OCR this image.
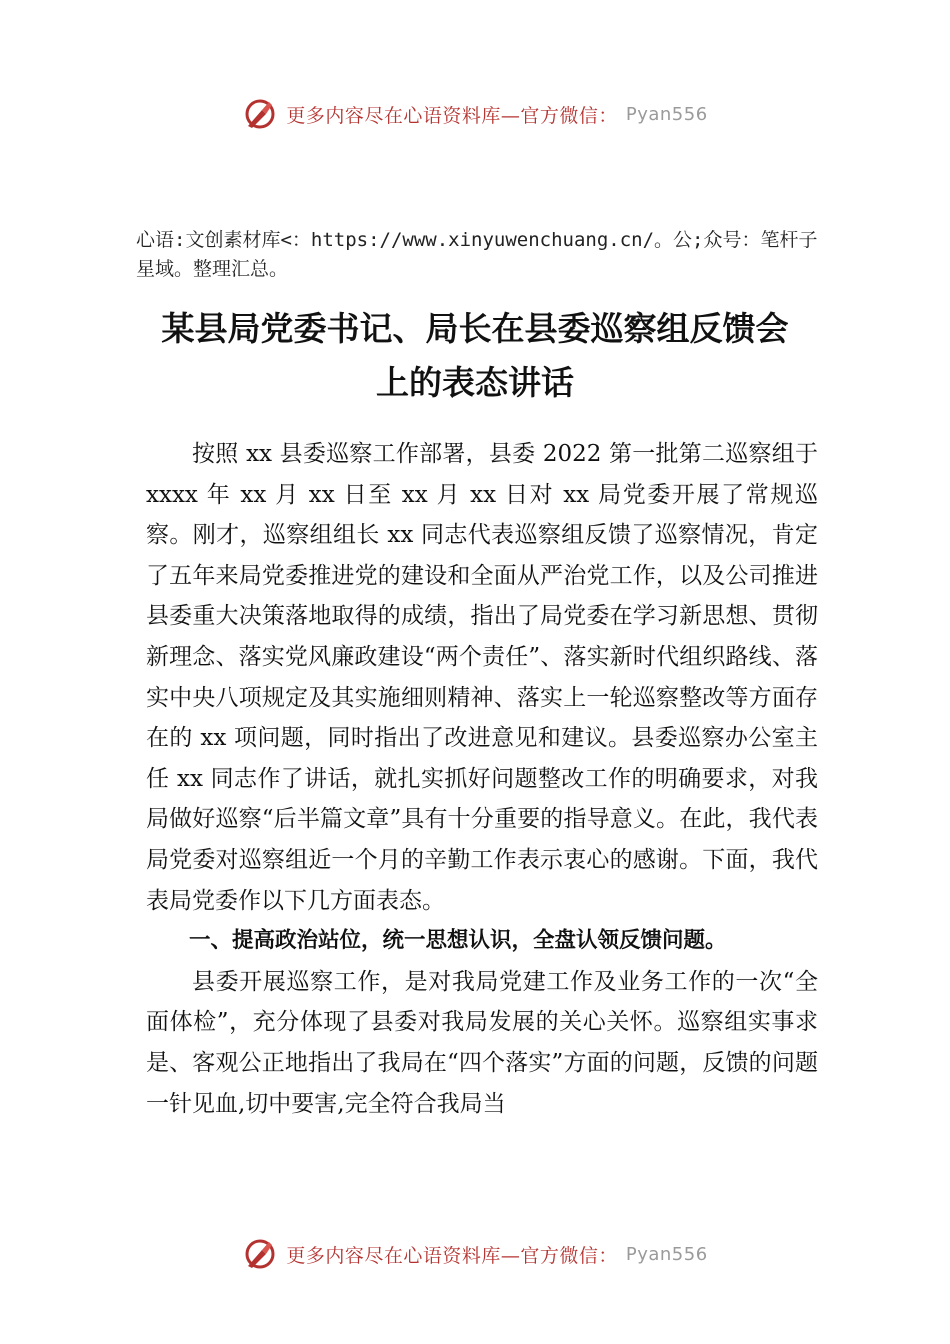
更多内容尽在心语资料库—官方微信： Pyan556
心语:文创素材库<：https://www.xinyuwenchuang.cn/。公;众号：笔杆子星域。整理汇总。
某县局党委书记、局长在县委巡察组反馈会
上的表态讲话

按照 xx 县委巡察工作部署，县委 2022 第一批第二巡察组于 xxxx 年 xx 月 xx 日至 xx 月 xx 日对 xx 局党委开展了常规巡察。刚才，巡察组组长 xx 同志代表巡察组反馈了巡察情况，肯定了五年来局党委推进党的建设和全面从严治党工作，以及公司推进县委重大决策落地取得的成绩，指出了局党委在学习新思想、贯彻新理念、落实党风廉政建设“两个责任”、落实新时代组织路线、落实中央八项规定及其实施细则精神、落实上一轮巡察整改等方面存在的 xx 项问题，同时指出了改进意见和建议。县委巡察办公室主任 xx 同志作了讲话，就扎实抓好问题整改工作的明确要求，对我局做好巡察“后半篇文章”具有十分重要的指导意义。在此，我代表局党委对巡察组近一个月的辛勤工作表示衷心的感谢。下面，我代表局党委作以下几方面表态。

一、提高政治站位，统一思想认识，全盘认领反馈问题。

县委开展巡察工作，是对我局党建工作及业务工作的一次“全面体检”，充分体现了县委对我局发展的关心关怀。巡察组实事求是、客观公正地指出了我局在“四个落实”方面的问题，反馈的问题一针见血,切中要害,完全符合我局当

更多内容尽在心语资料库—官方微信： Pyan556
